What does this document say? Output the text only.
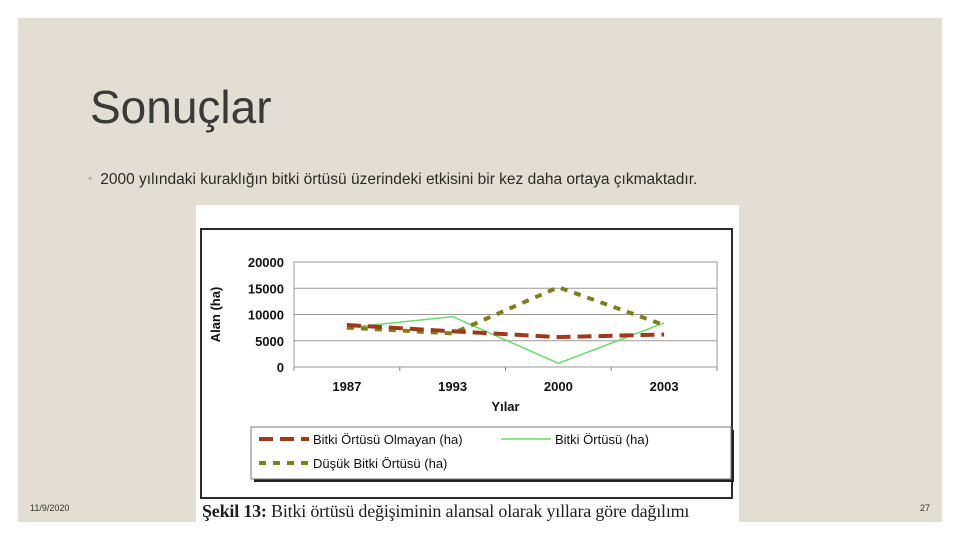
Sonuçlar
◦ 2000 yılındaki kuraklığın bitki örtüsü üzerindeki etkisini bir kez daha ortaya çıkmaktadır.
0
5000
10000
15000
20000
1987	1993	2000	2003
Yılar
Alan (ha)
Bitki Örtüsü Olmayan (ha)	Bitki Örtüsü (ha)
Düşük Bitki Örtüsü (ha)
Şekil 13: Bitki örtüsü değişiminin alansal olarak yıllara göre dağılımı
11/9/2020	27
